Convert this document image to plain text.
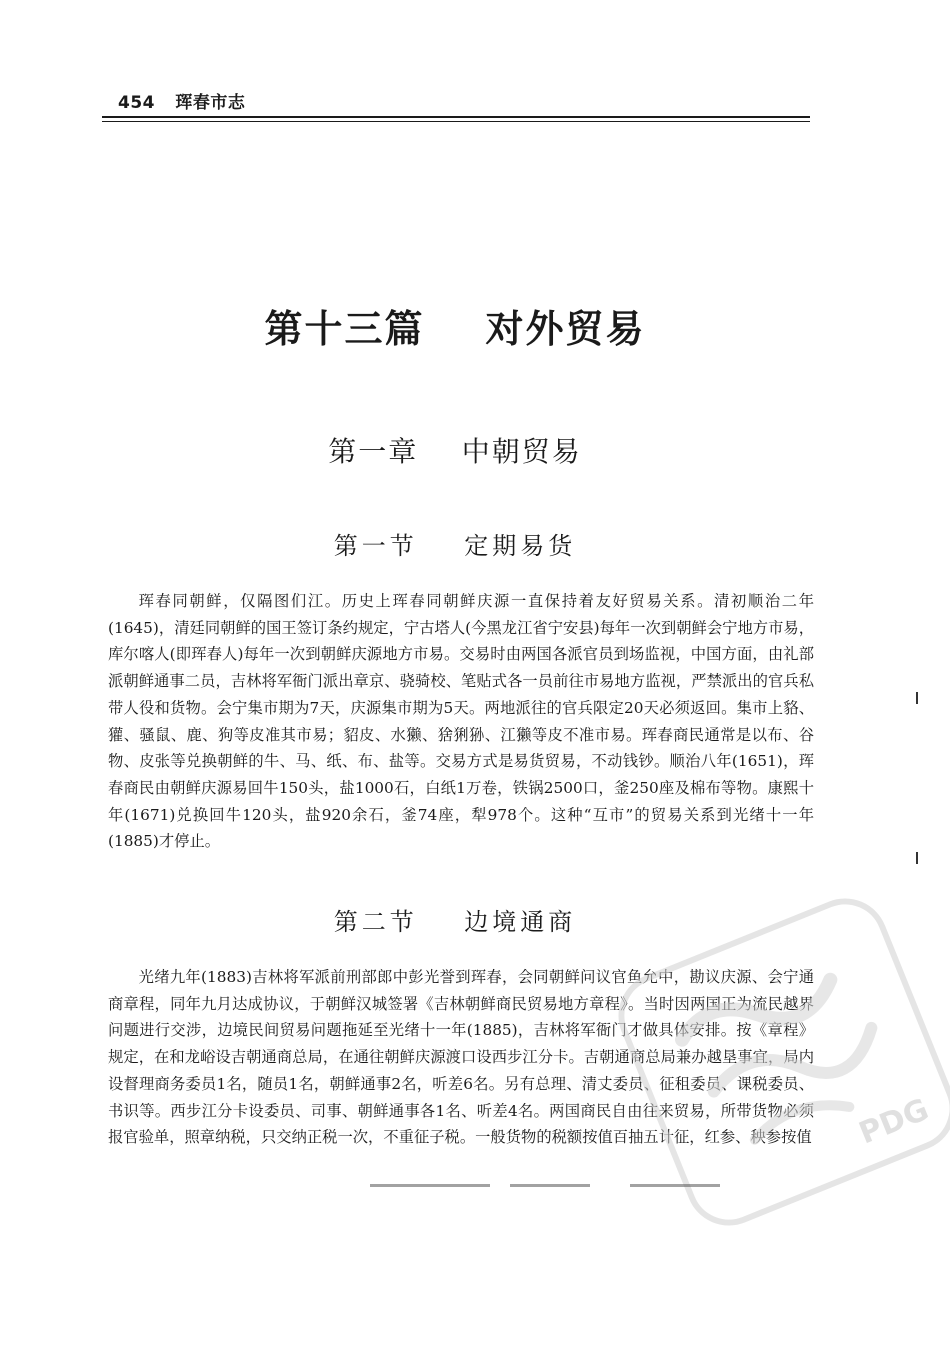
454 珲春市志
第十三篇    对外贸易
第一章    中朝贸易
第一节    定期易货

珲春同朝鲜，仅隔图们江。历史上珲春同朝鲜庆源一直保持着友好贸易关系。清初顺治二年(1645)，清廷同朝鲜的国王签订条约规定，宁古塔人(今黑龙江省宁安县)每年一次到朝鲜会宁地方市易，库尔喀人(即珲春人)每年一次到朝鲜庆源地方市易。交易时由两国各派官员到场监视，中国方面，由礼部派朝鲜通事二员，吉林将军衙门派出章京、骁骑校、笔贴式各一员前往市易地方监视，严禁派出的官兵私带人役和货物。会宁集市期为7天，庆源集市期为5天。两地派往的官兵限定20天必须返回。集市上貉、獾、骚鼠、鹿、狗等皮准其市易；貂皮、水獭、猞猁狲、江獭等皮不准市易。珲春商民通常是以布、谷物、皮张等兑换朝鲜的牛、马、纸、布、盐等。交易方式是易货贸易，不动钱钞。顺治八年(1651)，珲春商民由朝鲜庆源易回牛150头，盐1000石，白纸1万卷，铁锅2500口，釜250座及棉布等物。康熙十年(1671)兑换回牛120头，盐920余石，釜74座，犁978个。这种“互市”的贸易关系到光绪十一年(1885)才停止。

第二节    边境通商

光绪九年(1883)吉林将军派前刑部郎中彭光誉到珲春，会同朝鲜问议官鱼允中，勘议庆源、会宁通商章程，同年九月达成协议，于朝鲜汉城签署《吉林朝鲜商民贸易地方章程》。当时因两国正为流民越界问题进行交涉，边境民间贸易问题拖延至光绪十一年(1885)，吉林将军衙门才做具体安排。按《章程》规定，在和龙峪设吉朝通商总局，在通往朝鲜庆源渡口设西步江分卡。吉朝通商总局兼办越垦事宜，局内设督理商务委员1名，随员1名，朝鲜通事2名，听差6名。另有总理、清丈委员、征租委员、课税委员、书识等。西步江分卡设委员、司事、朝鲜通事各1名、听差4名。两国商民自由往来贸易，所带货物必须报官验单，照章纳税，只交纳正税一次，不重征子税。一般货物的税额按值百抽五计征，红参、秧参按值 PDG
